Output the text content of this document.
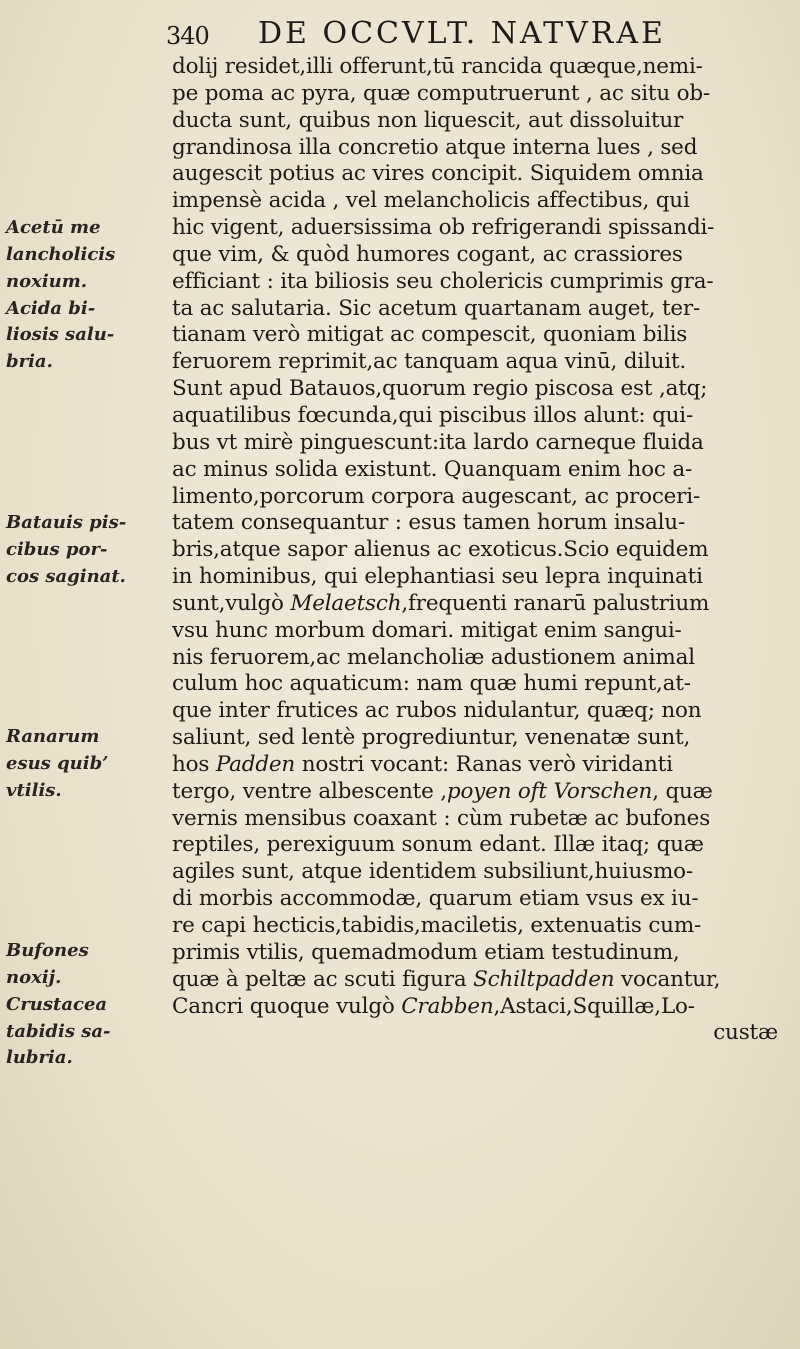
340 DE OCCVLT. NATVRAE
dolij residet,illi offerunt,tū rancida quæque,nemi-
pe poma ac pyra, quæ computruerunt , ac situ ob-
ducta sunt, quibus non liquescit, aut dissoluitur
grandinosa illa concretio atque interna lues , sed
augescit potius ac vires concipit. Siquidem omnia
impensè acida , vel melancholicis affectibus, qui
hic vigent, aduersissima ob refrigerandi spissandi-
que vim, & quòd humores cogant, ac crassiores
efficiant : ita biliosis seu cholericis cumprimis gra-
ta ac salutaria. Sic acetum quartanam auget, ter-
tianam verò mitigat ac compescit, quoniam bilis
feruorem reprimit,ac tanquam aqua vinū, diluit.
Sunt apud Batauos,quorum regio piscosa est ,atq;
aquatilibus fœcunda,qui piscibus illos alunt: qui-
bus vt mirè pinguescunt:ita lardo carneque fluida
ac minus solida existunt. Quanquam enim hoc a-
limento,porcorum corpora augescant, ac proceri-
tatem consequantur : esus tamen horum insalu-
bris,atque sapor alienus ac exoticus.Scio equidem
in hominibus, qui elephantiasi seu lepra inquinati
sunt,vulgò Melaetsch,frequenti ranarū palustrium
vsu hunc morbum domari. mitigat enim sangui-
nis feruorem,ac melancholiæ adustionem animal
culum hoc aquaticum: nam quæ humi repunt,at-
que inter frutices ac rubos nidulantur, quæq; non
saliunt, sed lentè progrediuntur, venenatæ sunt,
hos Padden nostri vocant: Ranas verò viridanti
tergo, ventre albescente ,poyen oft Vorschen, quæ
vernis mensibus coaxant : cùm rubetæ ac bufones
reptiles, perexiguum sonum edant. Illæ itaq; quæ
agiles sunt, atque identidem subsiliunt,huiusmo-
di morbis accommodæ, quarum etiam vsus ex iu-
re capi hecticis,tabidis,maciletis, extenuatis cum-
primis vtilis, quemadmodum etiam testudinum,
quæ à peltæ ac scuti figura Schiltpadden vocantur,
Cancri quoque vulgò Crabben,Astaci,Squillæ,Lo-
custæ
Acetū me
lancholicis
noxium.
Acida bi-
liosis salu-
bria.
Batauis pis-
cibus por-
cos saginat.
Ranarum
esus quib’
vtilis.
Bufones
noxij.
Crustacea
tabidis sa-
lubria.
